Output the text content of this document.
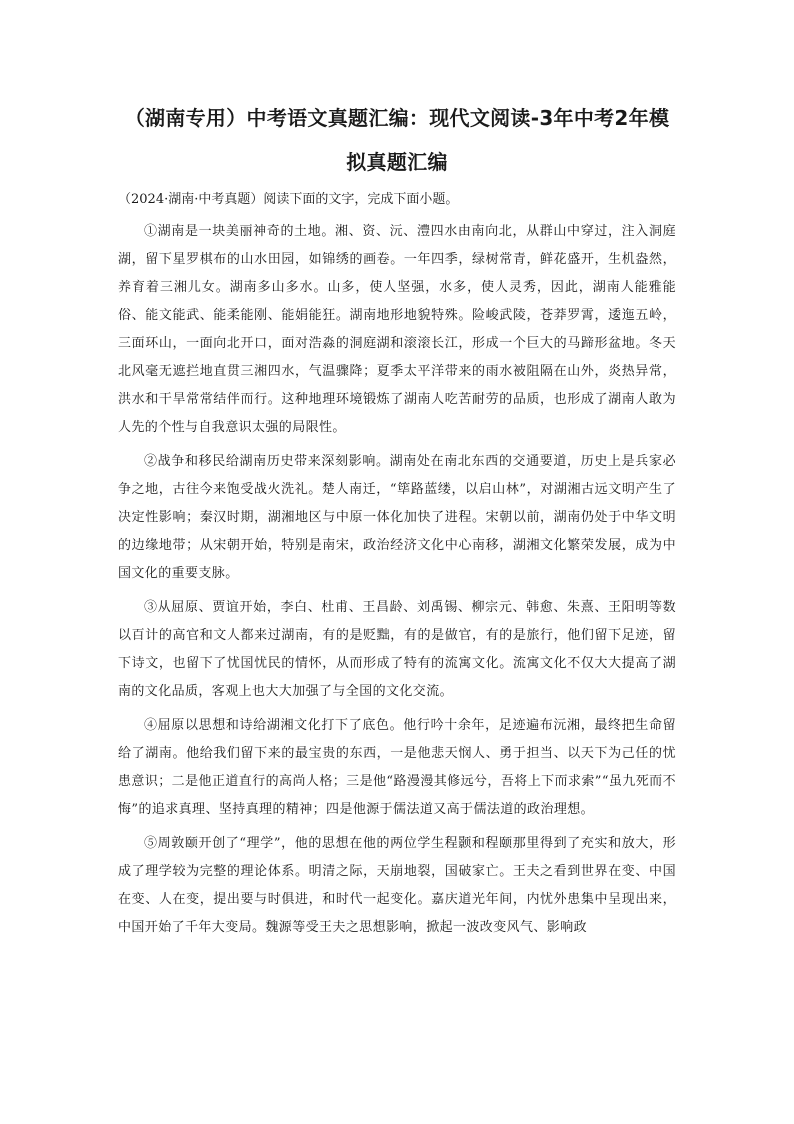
（湖南专用）中考语文真题汇编：现代文阅读-3年中考2年模拟真题汇编

（2024·湖南·中考真题）阅读下面的文字，完成下面小题。

①湖南是一块美丽神奇的土地。湘、资、沅、澧四水由南向北，从群山中穿过，注入洞庭湖，留下星罗棋布的山水田园，如锦绣的画卷。一年四季，绿树常青，鲜花盛开，生机盎然，养育着三湘儿女。湖南多山多水。山多，使人坚强，水多，使人灵秀，因此，湖南人能雅能俗、能文能武、能柔能刚、能娟能狂。湖南地形地貌特殊。险峻武陵，苍莽罗霄，逶迤五岭，三面环山，一面向北开口，面对浩淼的洞庭湖和滚滚长江，形成一个巨大的马蹄形盆地。冬天北风毫无遮拦地直贯三湘四水，气温骤降；夏季太平洋带来的雨水被阻隔在山外，炎热异常，洪水和干旱常常结伴而行。这种地理环境锻炼了湖南人吃苦耐劳的品质，也形成了湖南人敢为人先的个性与自我意识太强的局限性。

②战争和移民给湖南历史带来深刻影响。湖南处在南北东西的交通要道，历史上是兵家必争之地，古往今来饱受战火洗礼。楚人南迁，“筚路蓝缕，以启山林”，对湖湘古远文明产生了决定性影响；秦汉时期，湖湘地区与中原一体化加快了进程。宋朝以前，湖南仍处于中华文明的边缘地带；从宋朝开始，特别是南宋，政治经济文化中心南移，湖湘文化繁荣发展，成为中国文化的重要支脉。

③从屈原、贾谊开始，李白、杜甫、王昌龄、刘禹锡、柳宗元、韩愈、朱熹、王阳明等数以百计的高官和文人都来过湖南，有的是贬黜，有的是做官，有的是旅行，他们留下足迹，留下诗文，也留下了忧国忧民的情怀，从而形成了特有的流寓文化。流寓文化不仅大大提高了湖南的文化品质，客观上也大大加强了与全国的文化交流。

④屈原以思想和诗给湖湘文化打下了底色。他行吟十余年，足迹遍布沅湘，最终把生命留给了湖南。他给我们留下来的最宝贵的东西，一是他悲天悯人、勇于担当、以天下为己任的忧患意识；二是他正道直行的高尚人格；三是他“路漫漫其修远兮，吾将上下而求索”“虽九死而不悔”的追求真理、坚持真理的精神；四是他源于儒法道又高于儒法道的政治理想。

⑤周敦颐开创了“理学”，他的思想在他的两位学生程颢和程颐那里得到了充实和放大，形成了理学较为完整的理论体系。明清之际，天崩地裂，国破家亡。王夫之看到世界在变、中国在变、人在变，提出要与时俱进，和时代一起变化。嘉庆道光年间，内忧外患集中呈现出来，中国开始了千年大变局。魏源等受王夫之思想影响，掀起一波改变风气、影响政
